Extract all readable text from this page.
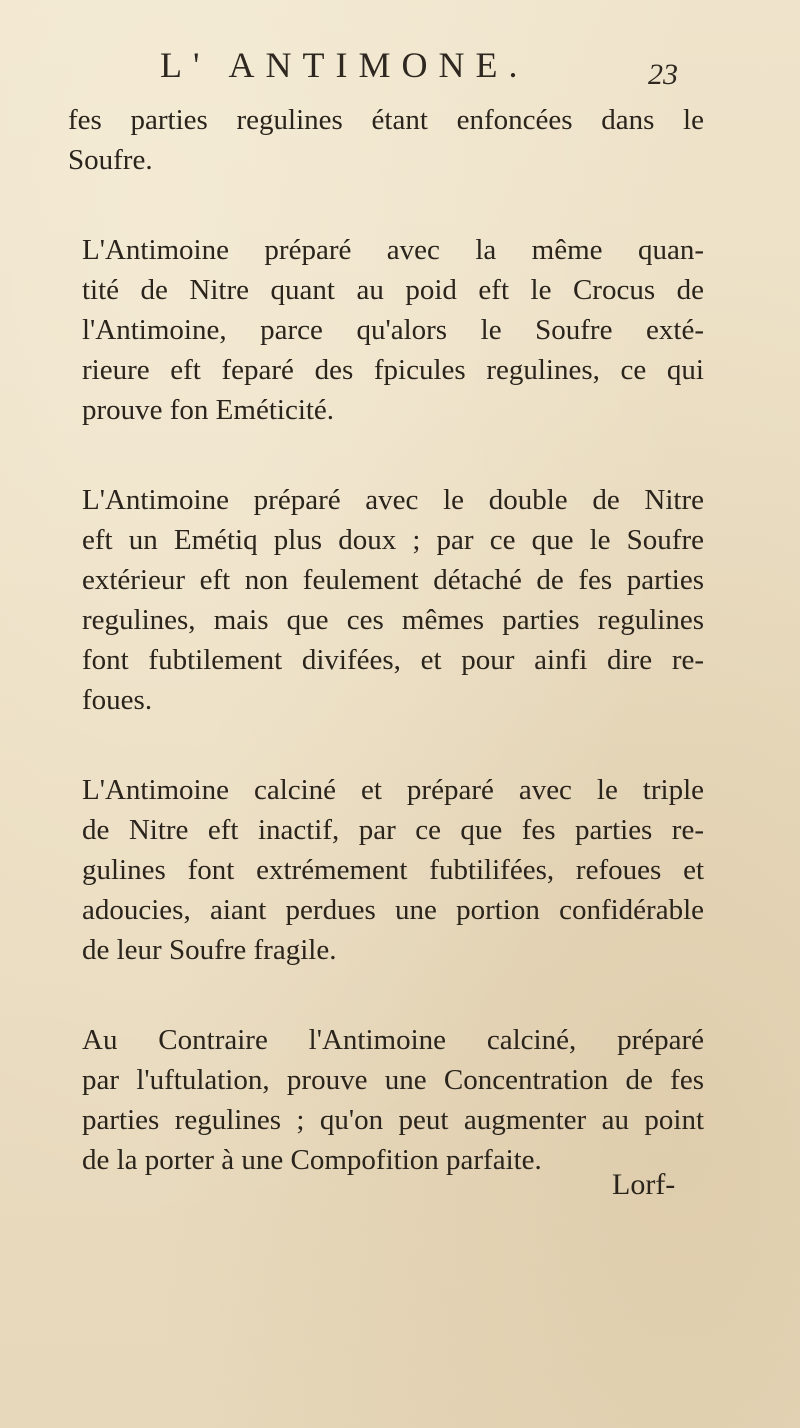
L' ANTIMONE.	23

fes parties regulines étant enfoncées dans le
Soufre.

L'Antimoine préparé avec la même quan-
tité de Nitre quant au poid eft le Crocus de
l'Antimoine, parce qu'alors le Soufre exté-
rieure eft feparé des fpicules regulines, ce qui
prouve fon Eméticité.

L'Antimoine préparé avec le double de Nitre
eft un Emétiq plus doux ; par ce que le Soufre
extérieur eft non feulement détaché de fes parties
regulines, mais que ces mêmes parties regulines
font fubtilement divifées, et pour ainfi dire re-
foues.

L'Antimoine calciné et préparé avec le triple
de Nitre eft inactif, par ce que fes parties re-
gulines font extrémement fubtilifées, refoues et
adoucies, aiant perdues une portion confidérable
de leur Soufre fragile.

Au Contraire l'Antimoine calciné, préparé
par l'uftulation, prouve une Concentration de fes
parties regulines ; qu'on peut augmenter au point
de la porter à une Compofition parfaite.

Lorf-
